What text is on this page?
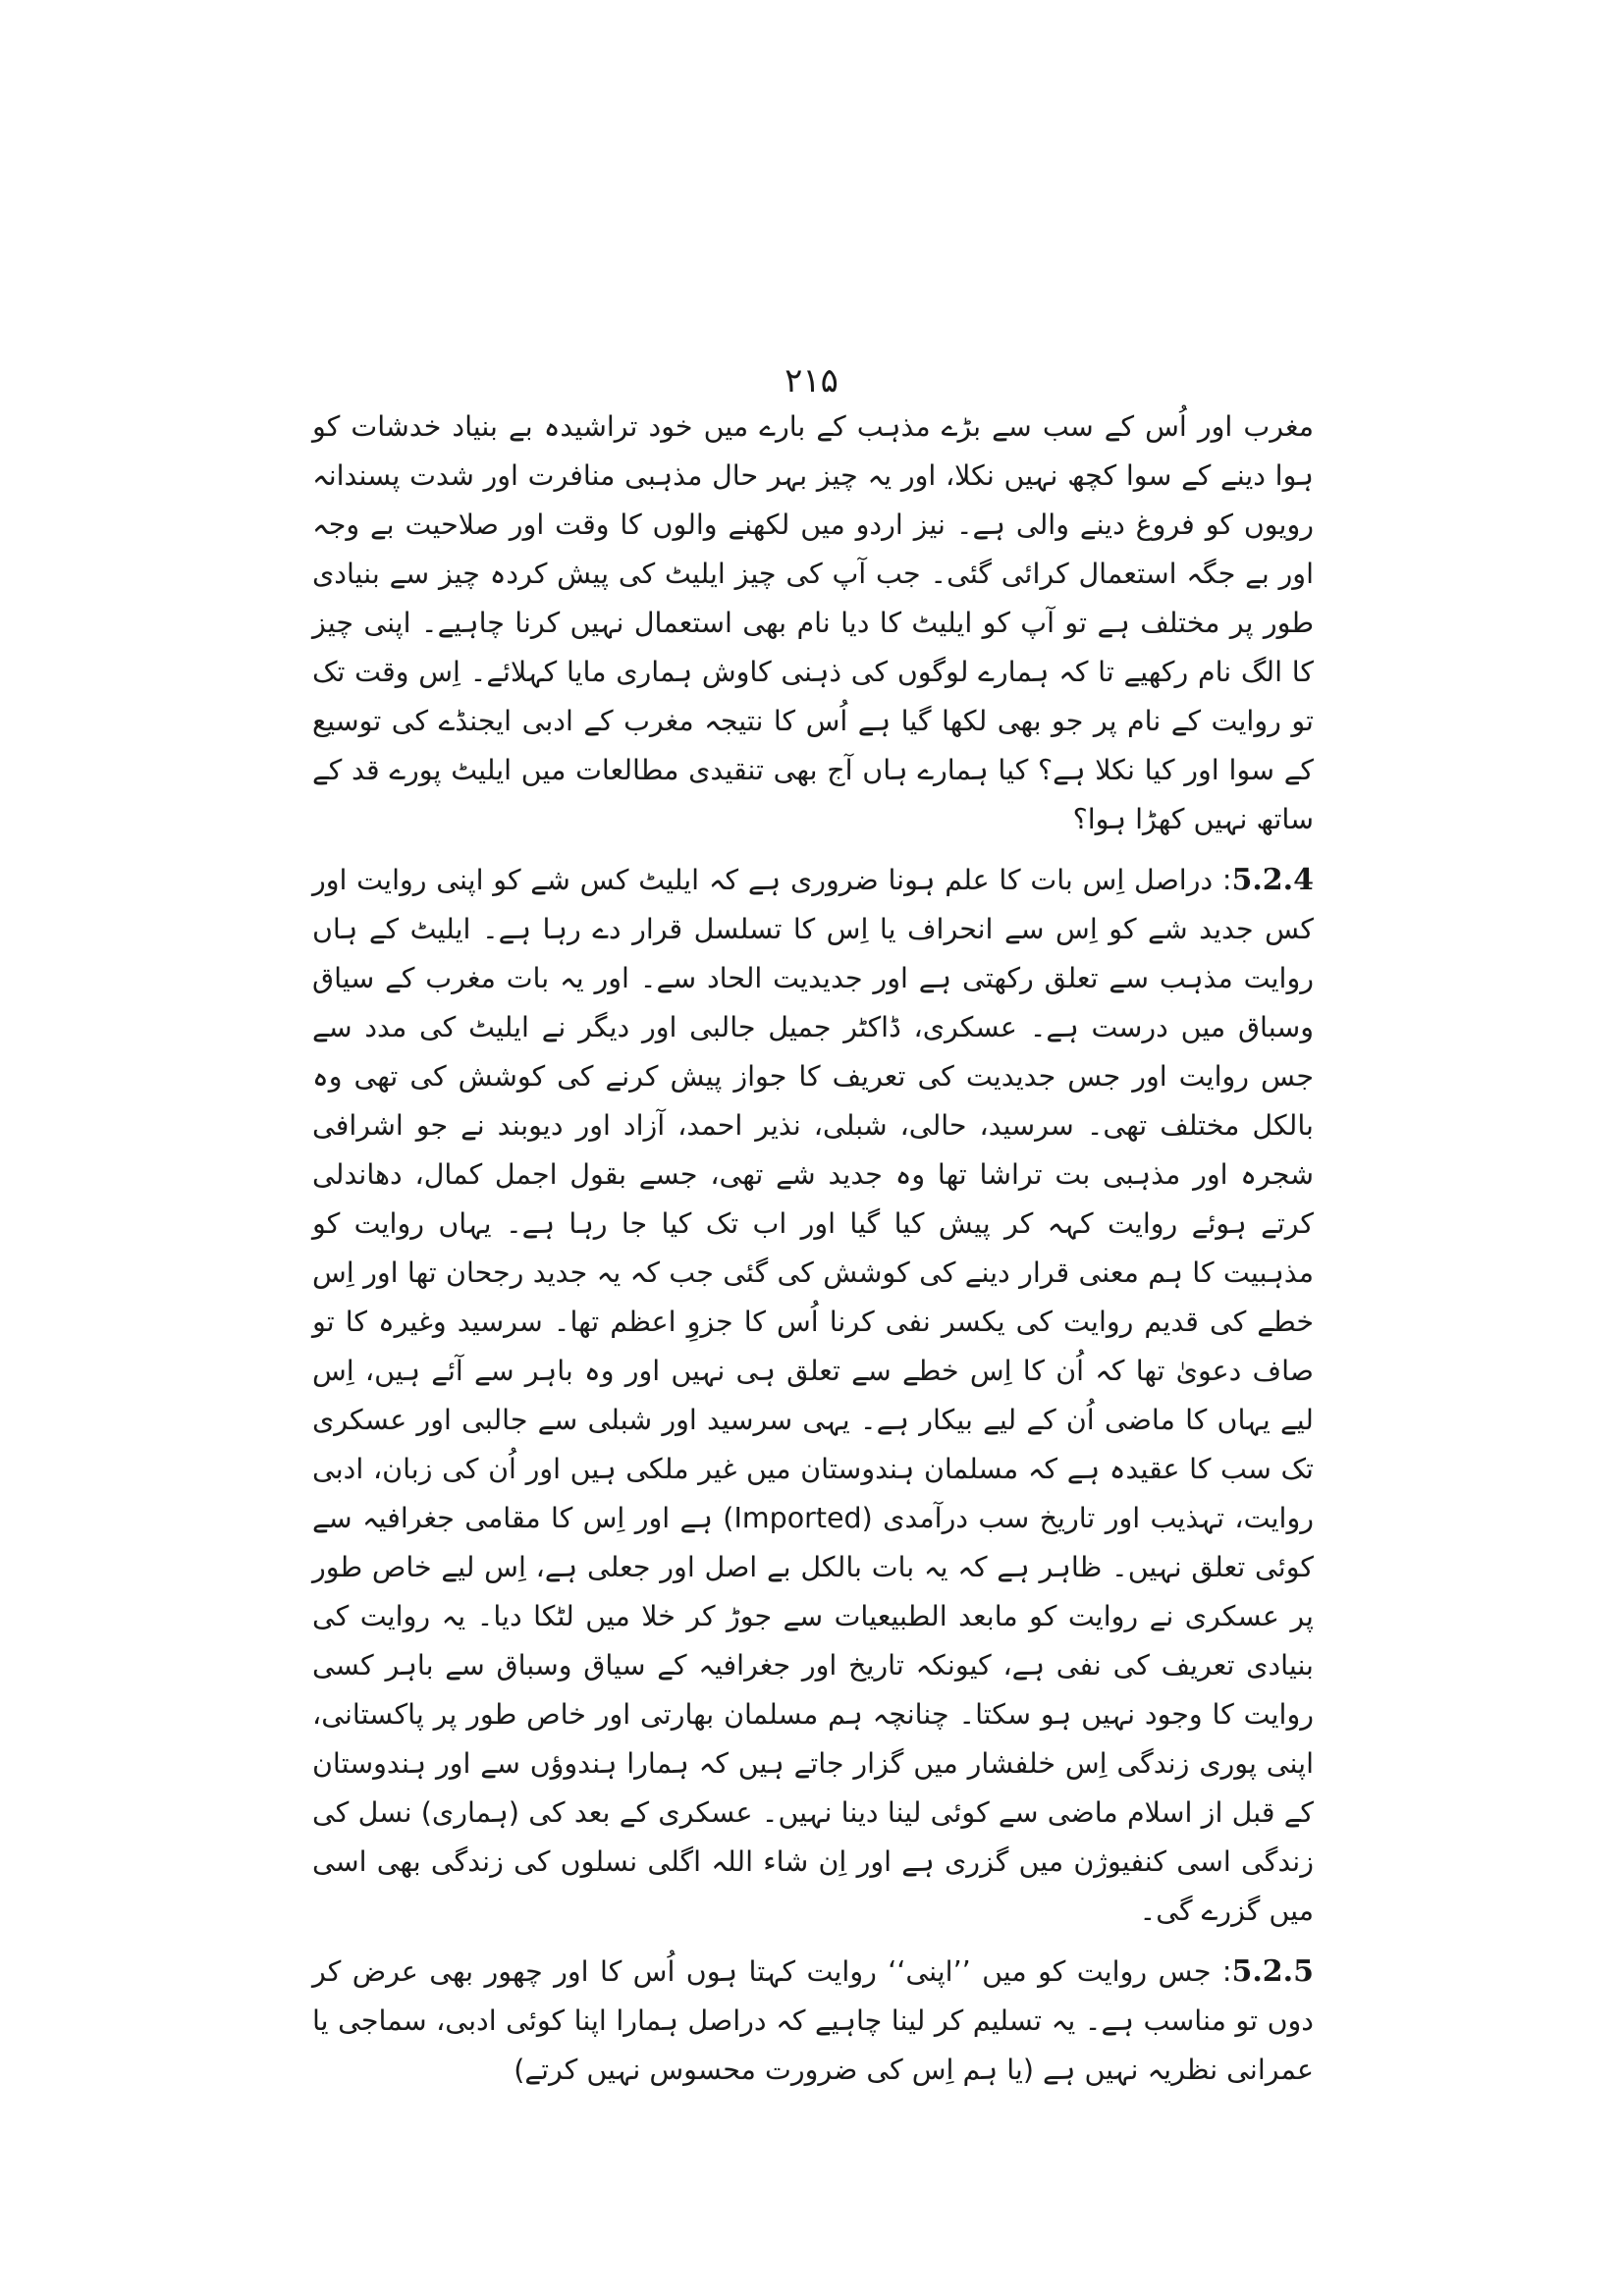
۲۱۵

مغرب اور اُس کے سب سے بڑے مذہب کے بارے میں خود تراشیدہ بے بنیاد خدشات کو ہوا دینے کے سوا کچھ نہیں نکلا، اور یہ چیز بہر حال مذہبی منافرت اور شدت پسندانہ رویوں کو فروغ دینے والی ہے۔ نیز اردو میں لکھنے والوں کا وقت اور صلاحیت بے وجہ اور بے جگہ استعمال کرائی گئی۔ جب آپ کی چیز ایلیٹ کی پیش کردہ چیز سے بنیادی طور پر مختلف ہے تو آپ کو ایلیٹ کا دیا نام بھی استعمال نہیں کرنا چاہیے۔ اپنی چیز کا الگ نام رکھیے تا کہ ہمارے لوگوں کی ذہنی کاوش ہماری مایا کہلائے۔ اِس وقت تک تو روایت کے نام پر جو بھی لکھا گیا ہے اُس کا نتیجہ مغرب کے ادبی ایجنڈے کی توسیع کے سوا اور کیا نکلا ہے؟ کیا ہمارے ہاں آج بھی تنقیدی مطالعات میں ایلیٹ پورے قد کے ساتھ نہیں کھڑا ہوا؟

5.2.4: دراصل اِس بات کا علم ہونا ضروری ہے کہ ایلیٹ کس شے کو اپنی روایت اور کس جدید شے کو اِس سے انحراف یا اِس کا تسلسل قرار دے رہا ہے۔ ایلیٹ کے ہاں روایت مذہب سے تعلق رکھتی ہے اور جدیدیت الحاد سے۔ اور یہ بات مغرب کے سیاق وسباق میں درست ہے۔ عسکری، ڈاکٹر جمیل جالبی اور دیگر نے ایلیٹ کی مدد سے جس روایت اور جس جدیدیت کی تعریف کا جواز پیش کرنے کی کوشش کی تھی وہ بالکل مختلف تھی۔ سرسید، حالی، شبلی، نذیر احمد، آزاد اور دیوبند نے جو اشرافی شجرہ اور مذہبی بت تراشا تھا وہ جدید شے تھی، جسے بقول اجمل کمال، دھاندلی کرتے ہوئے روایت کہہ کر پیش کیا گیا اور اب تک کیا جا رہا ہے۔ یہاں روایت کو مذہبیت کا ہم معنی قرار دینے کی کوشش کی گئی جب کہ یہ جدید رجحان تھا اور اِس خطے کی قدیم روایت کی یکسر نفی کرنا اُس کا جزوِ اعظم تھا۔ سرسید وغیرہ کا تو صاف دعویٰ تھا کہ اُن کا اِس خطے سے تعلق ہی نہیں اور وہ باہر سے آئے ہیں، اِس لیے یہاں کا ماضی اُن کے لیے بیکار ہے۔ یہی سرسید اور شبلی سے جالبی اور عسکری تک سب کا عقیدہ ہے کہ مسلمان ہندوستان میں غیر ملکی ہیں اور اُن کی زبان، ادبی روایت، تہذیب اور تاریخ سب درآمدی (Imported) ہے اور اِس کا مقامی جغرافیہ سے کوئی تعلق نہیں۔ ظاہر ہے کہ یہ بات بالکل بے اصل اور جعلی ہے، اِس لیے خاص طور پر عسکری نے روایت کو مابعد الطبیعیات سے جوڑ کر خلا میں لٹکا دیا۔ یہ روایت کی بنیادی تعریف کی نفی ہے، کیونکہ تاریخ اور جغرافیہ کے سیاق وسباق سے باہر کسی روایت کا وجود نہیں ہو سکتا۔ چنانچہ ہم مسلمان بھارتی اور خاص طور پر پاکستانی، اپنی پوری زندگی اِس خلفشار میں گزار جاتے ہیں کہ ہمارا ہندوؤں سے اور ہندوستان کے قبل از اسلام ماضی سے کوئی لینا دینا نہیں۔ عسکری کے بعد کی (ہماری) نسل کی زندگی اسی کنفیوژن میں گزری ہے اور اِن شاء اللہ اگلی نسلوں کی زندگی بھی اسی میں گزرے گی۔

5.2.5: جس روایت کو میں ’’اپنی‘‘ روایت کہتا ہوں اُس کا اور چھور بھی عرض کر دوں تو مناسب ہے۔ یہ تسلیم کر لینا چاہیے کہ دراصل ہمارا اپنا کوئی ادبی، سماجی یا عمرانی نظریہ نہیں ہے (یا ہم اِس کی ضرورت محسوس نہیں کرتے)
